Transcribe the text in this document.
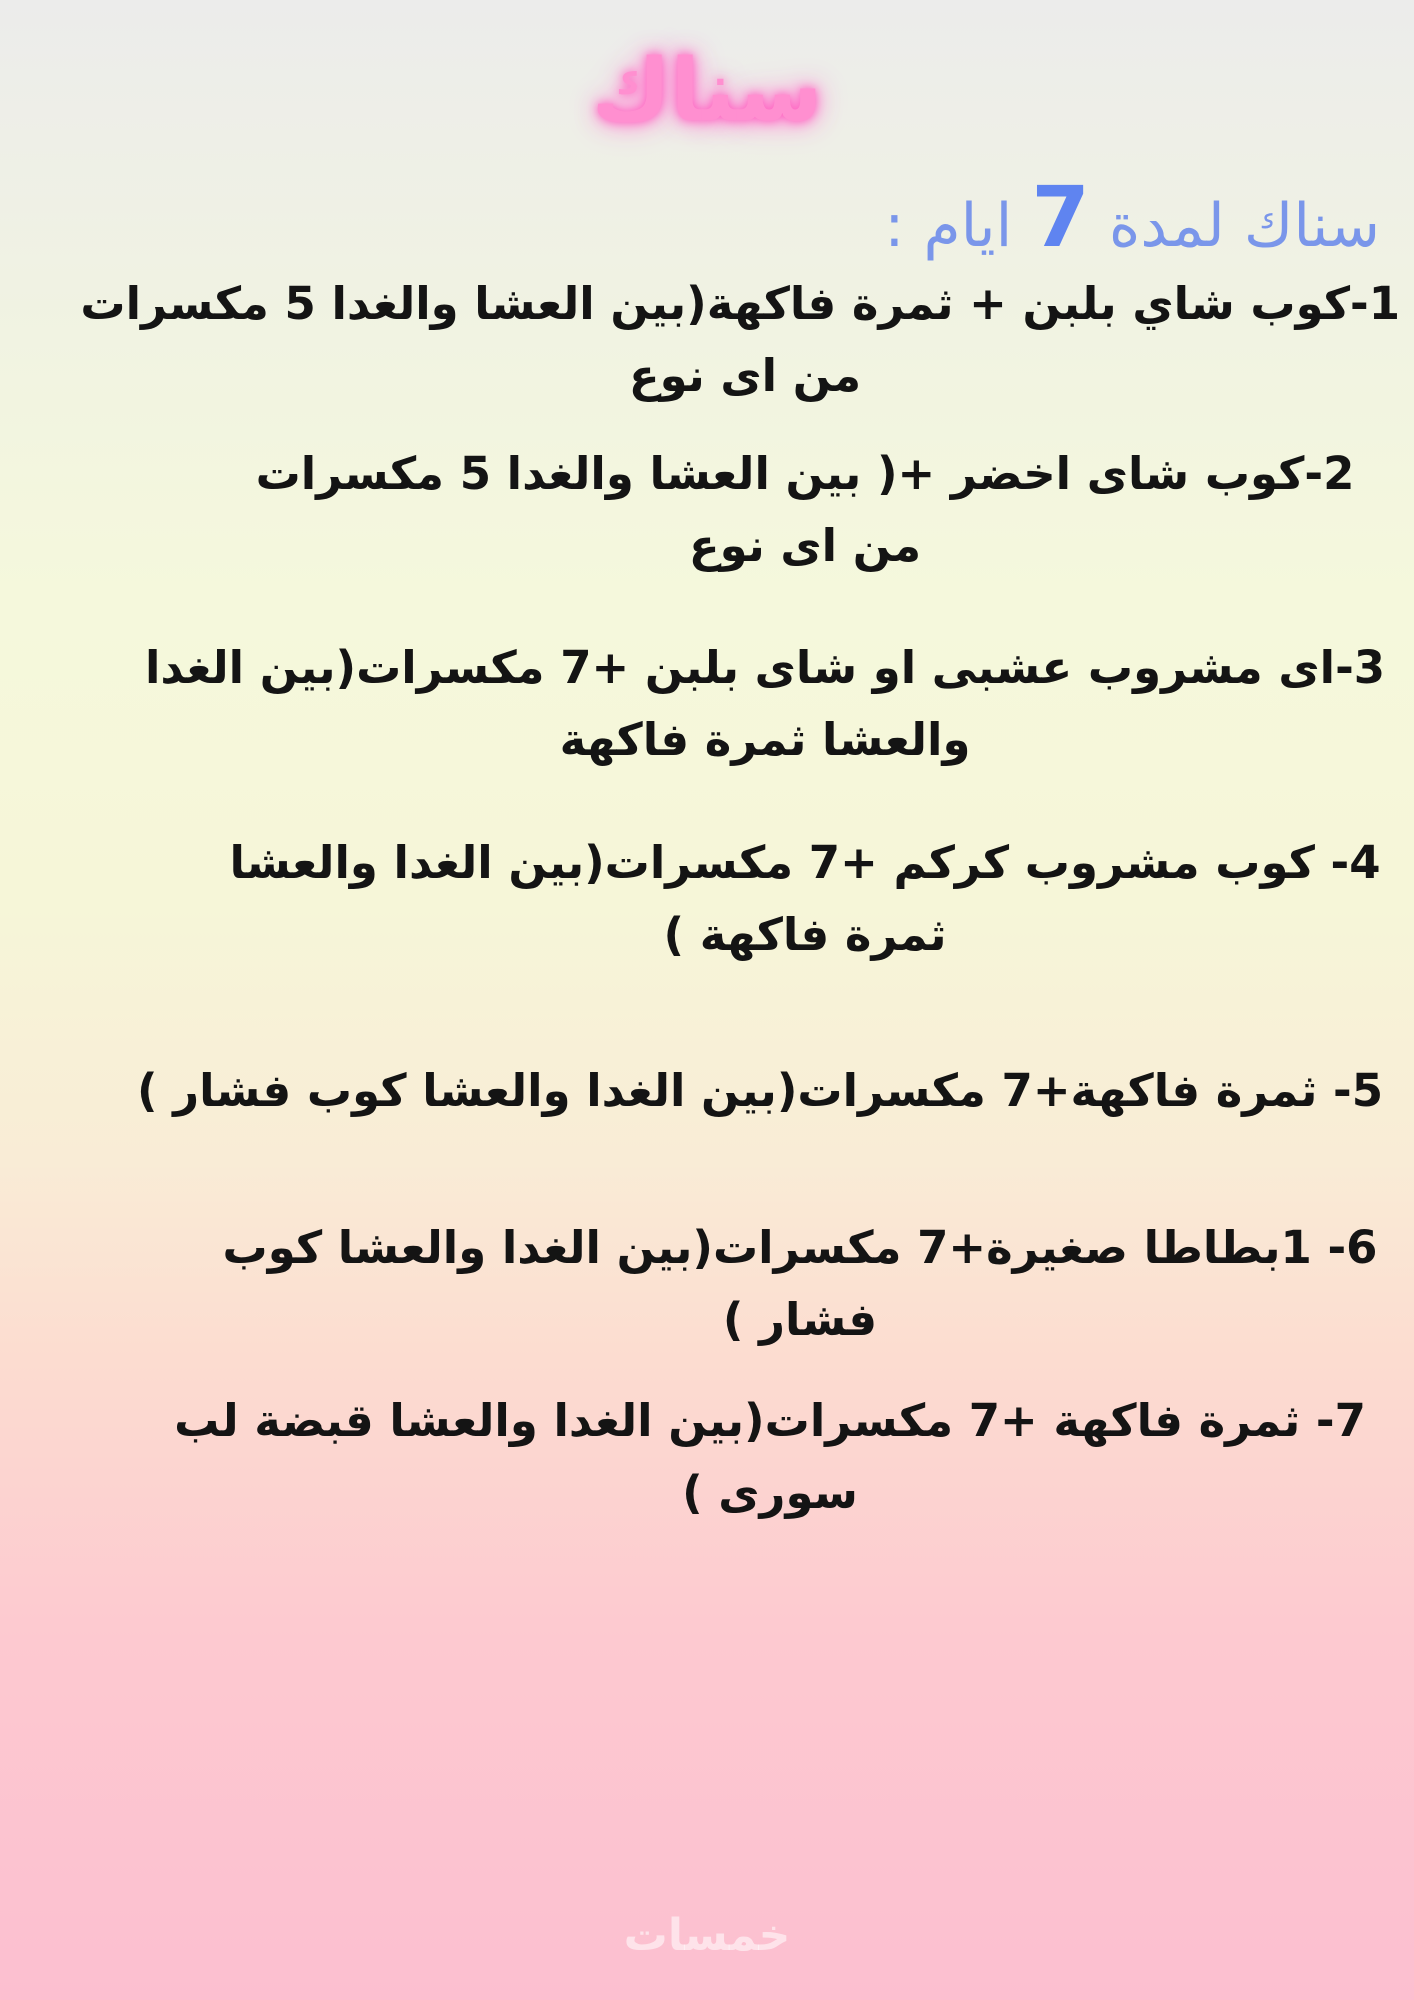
سناك
سناك لمدة 7 ايام :
1-كوب شاي بلبن + ثمرة فاكهة(بين العشا والغدا 5 مكسرات
من اى نوع
2-كوب شاى اخضر +( بين العشا والغدا 5 مكسرات
من اى نوع
3-اى مشروب عشبى او شاى بلبن +7 مكسرات(بين الغدا
والعشا ثمرة فاكهة
4- كوب مشروب كركم +7 مكسرات(بين الغدا والعشا
ثمرة فاكهة )
5- ثمرة فاكهة+7 مكسرات(بين الغدا والعشا كوب فشار )
6- 1بطاطا صغيرة+7 مكسرات(بين الغدا والعشا كوب
فشار )
7- ثمرة فاكهة +7 مكسرات(بين الغدا والعشا قبضة لب
سورى )
خمسات
